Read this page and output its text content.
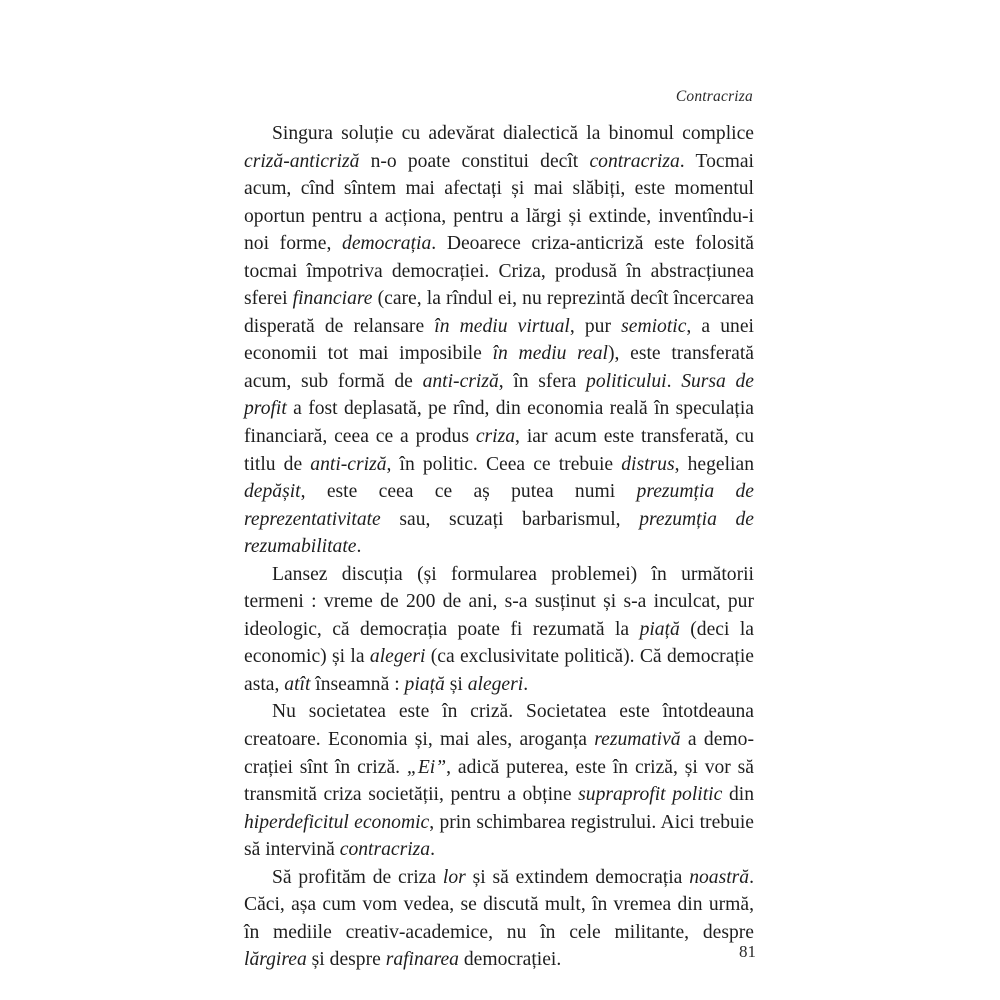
Contracriza

Singura soluție cu adevărat dialectică la binomul complice criză-anticriză n-o poate constitui decît contracriza. Tocmai acum, cînd sîntem mai afectați și mai slăbiți, este momentul oportun pentru a acționa, pentru a lărgi și extinde, inventîndu-i noi forme, democrația. Deoarece criza-anticriză este folosită tocmai împotriva democrației. Criza, produsă în abstracțiunea sferei financiare (care, la rîndul ei, nu reprezintă decît încercarea disperată de relansare în mediu virtual, pur semiotic, a unei economii tot mai imposibile în mediu real), este transferată acum, sub formă de anti-criză, în sfera politicului. Sursa de profit a fost deplasată, pe rînd, din economia reală în speculația financiară, ceea ce a produs criza, iar acum este transferată, cu titlu de anti-criză, în politic. Ceea ce trebuie distrus, hegelian depășit, este ceea ce aș putea numi prezumția de reprezentativitate sau, scuzați barbarismul, prezumția de rezumabilitate.

Lansez discuția (și formularea problemei) în următorii termeni : vreme de 200 de ani, s-a susținut și s-a inculcat, pur ideologic, că democrația poate fi rezumată la piață (deci la economic) și la alegeri (ca exclusivitate politică). Că democrație asta, atît înseamnă : piață și alegeri.

Nu societatea este în criză. Societatea este întotdeauna creatoare. Economia și, mai ales, aroganța rezumativă a democrației sînt în criză. „Ei”, adică puterea, este în criză, și vor să transmită criza societății, pentru a obține supraprofit politic din hiperdeficitul economic, prin schimbarea registrului. Aici trebuie să intervină contracriza.

Să profităm de criza lor și să extindem democrația noastră. Căci, așa cum vom vedea, se discută mult, în vremea din urmă, în mediile creativ-academice, nu în cele militante, despre lărgirea și despre rafinarea democrației.	81
